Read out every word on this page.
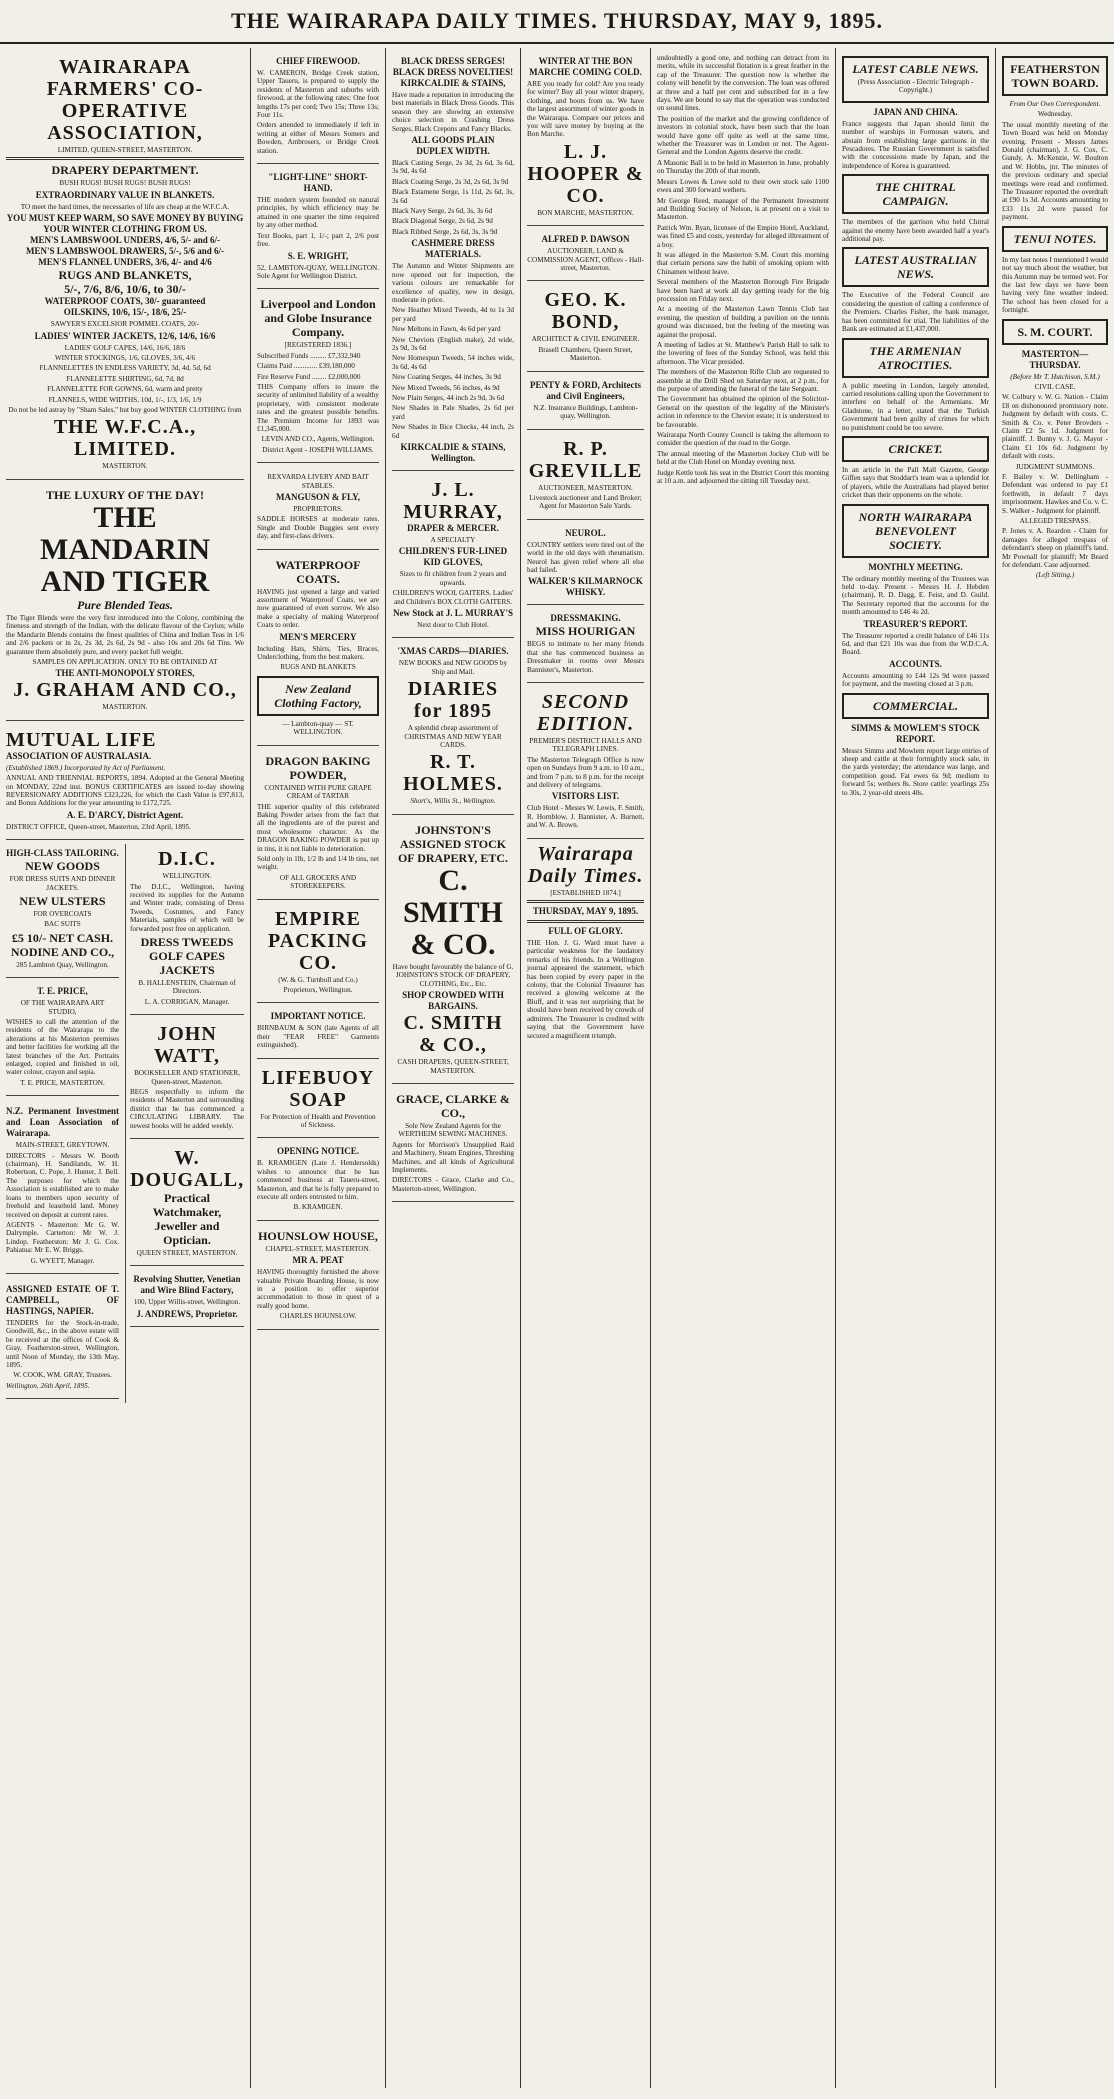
THE WAIRARAPA DAILY TIMES. THURSDAY, MAY 9, 1895.
WAIRARAPA FARMERS' CO-OPERATIVE ASSOCIATION,
LIMITED, QUEEN-STREET, MASTERTON.
DRAPERY DEPARTMENT.
BUSH RUGS! BUSH RUGS! BUSH RUGS!
EXTRAORDINARY VALUE IN BLANKETS.
TO meet the hard times, the necessaries of life are cheap at the W.F.C.A.
YOU MUST KEEP WARM, SO SAVE MONEY BY BUYING YOUR WINTER CLOTHING FROM US.
MEN'S LAMBSWOOL UNDERS, 4/6, 5/- and 6/-
MEN'S LAMBSWOOL DRAWERS, 5/-, 5/6 and 6/-
MEN'S FLANNEL UNDERS, 3/6, 4/- and 4/6
RUGS AND BLANKETS,
5/-, 7/6, 8/6, 10/6, to 30/-
WATERPROOF COATS, 30/- guaranteed
OILSKINS, 10/6, 15/-, 18/6, 25/-
SAWYER'S EXCELSIOR POMMEL COATS, 20/-
LADIES' WINTER JACKETS, 12/6, 14/6, 16/6
LADIES' GOLF CAPES, 14/6, 16/6, 18/6
WINTER STOCKINGS, 1/6, GLOVES, 3/6, 4/6
FLANNELETTES IN ENDLESS VARIETY, 3d, 4d, 5d, 6d
FLANNELETTE SHIRTING, 6d, 7d, 8d
FLANNELETTE FOR GOWNS, 6d, warm and pretty
FLANNELS, WIDE WIDTHS, 10d, 1/-, 1/3, 1/6, 1/9
Do not be led astray by "Sham Sales," but buy good WINTER CLOTHING from
THE W.F.C.A., LIMITED.
MASTERTON.
THE LUXURY OF THE DAY!
THE MANDARIN AND TIGER
Pure Blended Teas.
The Tiger Blends were the very first introduced into the Colony, combining the fineness and strength of the Indian, with the delicate flavour of the Ceylon; while the Mandarin Blends contains the finest qualities of China and Indian Teas in 1/6 and 2/6 packets or in 2s, 2s 3d, 2s 6d, 2s 9d - also 10s and 20s 6d Tins. We guarantee them absolutely pure, and every packet full weight.
SAMPLES ON APPLICATION. ONLY TO BE OBTAINED AT
THE ANTI-MONOPOLY STORES,
J. GRAHAM AND CO.,
MASTERTON.
MUTUAL LIFE
ASSOCIATION OF AUSTRALASIA.
(Established 1869.) Incorporated by Act of Parliament.
ANNUAL AND TRIENNIAL REPORTS, 1894. Adopted at the General Meeting on MONDAY, 22nd inst. BONUS CERTIFICATES are issued to-day showing REVERSIONARY ADDITIONS £323,226, for which the Cash Value is £97,813, and Bonus Additions for the year amounting to £172,725.
A. E. D'ARCY, District Agent.
DISTRICT OFFICE, Queen-street, Masterton, 23rd April, 1895.
HIGH-CLASS TAILORING.
NEW GOODS
FOR DRESS SUITS AND DINNER JACKETS.
NEW ULSTERS
FOR OVERCOATS
BAC SUITS
£5 10/- NET CASH.
NODINE AND CO.,
285 Lambton Quay, Wellington.
T. E. PRICE,
OF THE WAIRARAPA ART STUDIO,
WISHES to call the attention of the residents of the Wairarapa to the alterations at his Masterton premises and better facilities for working all the latest branches of the Art. Portraits enlarged, copied and finished in oil, water colour, crayon and sepia.
T. E. PRICE, MASTERTON.
N.Z. Permanent Investment and Loan Association of Wairarapa.
MAIN-STREET, GREYTOWN.
DIRECTORS - Messrs W. Booth (chairman), H. Sandilands, W. H. Robertson, C. Pope, J. Hunter, J. Bell. The purposes for which the Association is established are to make loans to members upon security of freehold and leasehold land. Money received on deposit at current rates.
AGENTS - Masterton: Mr G. W. Dalrymple. Carterton: Mr W. J. Lindop. Featherston: Mr J. G. Cox. Pahiatua: Mr E. W. Briggs.
G. WYETT, Manager.
ASSIGNED ESTATE OF T. CAMPBELL, OF HASTINGS, NAPIER.
TENDERS for the Stock-in-trade, Goodwill, &c., in the above estate will be received at the offices of Cook & Gray, Featherston-street, Wellington, until Noon of Monday, the 13th May, 1895.
W. COOK, WM. GRAY, Trustees.
Wellington, 26th April, 1895.
D.I.C.
WELLINGTON.
The D.I.C., Wellington, having received its supplies for the Autumn and Winter trade, consisting of Dress Tweeds, Costumes, and Fancy Materials, samples of which will be forwarded post free on application.
DRESS TWEEDS
GOLF CAPES
JACKETS
B. HALLENSTEIN, Chairman of Directors.
L. A. CORRIGAN, Manager.
JOHN WATT,
BOOKSELLER AND STATIONER, Queen-street, Masterton.
BEGS respectfully to inform the residents of Masterton and surrounding district that he has commenced a CIRCULATING LIBRARY. The newest books will be added weekly.
W. DOUGALL,
Practical Watchmaker, Jeweller and Optician.
QUEEN STREET, MASTERTON.
Revolving Shutter, Venetian and Wire Blind Factory,
100, Upper Willis-street, Wellington.
J. ANDREWS, Proprietor.
CHIEF FIREWOOD.
W. CAMERON, Bridge Creek station, Upper Taueru, is prepared to supply the residents of Masterton and suburbs with firewood, at the following rates: One foot lengths 17s per cord; Two 15s; Three 13s; Four 11s.
Orders attended to immediately if left in writing at either of Messrs Somers and Bowden, Ambrosers, or Bridge Creek station.
"LIGHT-LINE" SHORT-HAND.
THE modern system founded on natural principles, by which efficiency may be attained in one quarter the time required by any other method.
Text Books, part 1, 1/-; part 2, 2/6 post free.
S. E. WRIGHT,
52, LAMBTON-QUAY, WELLINGTON. Sole Agent for Wellington District.
Liverpool and London and Globe Insurance Company.
[REGISTERED 1836.]
Subscribed Funds ......... £7,332,940
Claims Paid ............. £39,180,000
Fire Reserve Fund ........ £2,000,000
THIS Company offers to insure the security of unlimited liability of a wealthy proprietary, with consistent moderate rates and the greatest possible benefits. The Premium Income for 1893 was £1,345,000.
LEVIN AND CO., Agents, Wellington.
District Agent - JOSEPH WILLIAMS.
REXVARDA LIVERY AND BAIT STABLES.
MANGUSON & FLY,
PROPRIETORS.
SADDLE HORSES at moderate rates. Single and Double Buggies sent every day, and first-class drivers.
WATERPROOF COATS.
HAVING just opened a large and varied assortment of Waterproof Coats, we are now guaranteed of even sorrow. We also make a specialty of making Waterproof Coats to order.
MEN'S MERCERY
Including Hats, Shirts, Ties, Braces, Underclothing, from the best makers.
RUGS AND BLANKETS
New Zealand Clothing Factory,
— Lambton-quay — ST. WELLINGTON.
DRAGON BAKING POWDER,
CONTAINED WITH PURE GRAPE CREAM of TARTAR
THE superior quality of this celebrated Baking Powder arises from the fact that all the ingredients are of the purest and most wholesome character. As the DRAGON BAKING POWDER is put up in tins, it is not liable to deterioration.
Sold only in 1lb, 1/2 lb and 1/4 lb tins, net weight.
OF ALL GROCERS AND STOREKEEPERS.
EMPIRE PACKING CO.
(W. & G. Turnbull and Co.)
Proprietors, Wellington.
IMPORTANT NOTICE.
BIRNBAUM & SON (late Agents of all their "FEAR FREE" Garments extinguished).
LIFEBUOY SOAP
For Protection of Health and Prevention of Sickness.
OPENING NOTICE.
B. KRAMIGEN (Late J. Hendersolds) wishes to announce that he has commenced business at Taueru-street, Masterton, and that he is fully prepared to execute all orders entrusted to him.
B. KRAMIGEN.
HOUNSLOW HOUSE,
CHAPEL-STREET, MASTERTON.
MR A. PEAT
HAVING thoroughly furnished the above valuable Private Boarding House, is now in a position to offer superior accommodation to those in quest of a really good home.
CHARLES HOUNSLOW.
BLACK DRESS SERGES! BLACK DRESS NOVELTIES! KIRKCALDIE & STAINS,
Have made a reputation in introducing the best materials in Black Dress Goods. This season they are showing an extensive choice selection in Crashing Dress Serges, Black Crepons and Fancy Blacks.
ALL GOODS PLAIN DUPLEX WIDTH.
Black Casting Serge, 2s 3d, 2s 6d, 3s 6d, 3s 9d, 4s 6d
Black Coating Serge, 2s 3d, 2s 6d, 3s 9d
Black Estamene Serge, 1s 11d, 2s 6d, 3s, 3s 6d
Black Navy Serge, 2s 6d, 3s, 3s 6d
Black Diagonal Serge, 2s 6d, 2s 9d
Black Ribbed Serge, 2s 6d, 3s, 3s 9d
CASHMERE DRESS MATERIALS.
The Autumn and Winter Shipments are now opened out for inspection, the various colours are remarkable for excellence of quality, new in design, moderate in price.
New Heather Mixed Tweeds, 4d to 1s 3d per yard
New Meltons in Fawn, 4s 6d per yard
New Cheviots (English make), 2d wide, 2s 9d, 3s 6d
New Homespun Tweeds, 54 inches wide, 3s 6d, 4s 6d
New Coating Serges, 44 inches, 3s 9d
New Mixed Tweeds, 56 inches, 4s 9d
New Plain Serges, 44 inch 2s 9d, 3s 6d
New Shades in Pale Shades, 2s 6d per yard
New Shades in Bice Checks, 44 inch, 2s 6d
KIRKCALDIE & STAINS, Wellington.
J. L. MURRAY,
DRAPER & MERCER.
A SPECIALTY
CHILDREN'S FUR-LINED KID GLOVES,
Sizes to fit children from 2 years and upwards.
CHILDREN'S WOOL GAITERS. Ladies' and Children's BOX CLOTH GAITERS.
New Stock at J. L. MURRAY'S
Next door to Club Hotel.
'XMAS CARDS—DIARIES.
NEW BOOKS and NEW GOODS by Ship and Mail.
DIARIES for 1895
A splendid cheap assortment of CHRISTMAS AND NEW YEAR CARDS.
R. T. HOLMES.
Short's, Willis St., Wellington.
JOHNSTON'S ASSIGNED STOCK OF DRAPERY, ETC.
C. SMITH & CO.
Have bought favourably the balance of G. JOHNSTON'S STOCK OF DRAPERY, CLOTHING, Etc., Etc.
SHOP CROWDED WITH BARGAINS.
C. SMITH & CO.,
CASH DRAPERS, QUEEN-STREET, MASTERTON.
GRACE, CLARKE & CO.,
Sole New Zealand Agents for the WERTHEIM SEWING MACHINES.
Agents for Morrison's Unsupplied Raid and Machinery, Steam Engines, Threshing Machines, and all kinds of Agricultural Implements.
DIRECTORS - Grace, Clarke and Co., Masterton-street, Wellington.
WINTER AT THE BON MARCHE COMING COLD.
ARE you ready for cold? Are you ready for winter? Buy all your winter drapery, clothing, and boots from us. We have the largest assortment of winter goods in the Wairarapa. Compare our prices and you will save money by buying at the Bon Marche.
L. J. HOOPER & CO.
BON MARCHE, MASTERTON.
ALFRED P. DAWSON
AUCTIONEER, LAND & COMMISSION AGENT, Offices - Hall-street, Masterton.
GEO. K. BOND,
ARCHITECT & CIVIL ENGINEER.
Brasell Chambers, Queen Street, Masterton.
PENTY & FORD, Architects and Civil Engineers,
N.Z. Insurance Buildings, Lambton-quay, Wellington.
R. P. GREVILLE
AUCTIONEER, MASTERTON.
Livestock auctioneer and Land Broker; Agent for Masterton Sale Yards.
NEUROL.
COUNTRY settlers were tired out of the world in the old days with rheumatism. Neurol has given relief where all else had failed.
WALKER'S KILMARNOCK WHISKY.
DRESSMAKING.
MISS HOURIGAN
BEGS to intimate to her many friends that she has commenced business as Dressmaker in rooms over Messrs Bannister's, Masterton.
SECOND EDITION.
PREMIER'S DISTRICT HALLS AND TELEGRAPH LINES.
The Masterton Telegraph Office is now open on Sundays from 9 a.m. to 10 a.m., and from 7 p.m. to 8 p.m. for the receipt and delivery of telegrams.
VISITORS LIST.
Club Hotel - Messrs W. Lewis, F. Smith, R. Hornblow, J. Bannister, A. Burnett, and W. A. Brown.
Wairarapa Daily Times.
[ESTABLISHED 1874.]
THURSDAY, MAY 9, 1895.
FULL OF GLORY.
THE Hon. J. G. Ward must have a particular weakness for the laudatory remarks of his friends. In a Wellington journal appeared the statement, which has been copied by every paper in the colony, that the Colonial Treasurer has received a glowing welcome at the Bluff, and it was not surprising that he should have been received by crowds of admirers. The Treasurer is credited with saying that the Government have secured a magnificent triumph.
undoubtedly a good one, and nothing can detract from its merits, while its successful flotation is a great feather in the cap of the Treasurer. The question now is whether the colony will benefit by the conversion. The loan was offered at three and a half per cent and subscribed for in a few days. We are bound to say that the operation was conducted on sound lines.
The position of the market and the growing confidence of investors in colonial stock, have been such that the loan would have gone off quite as well at the same time, whether the Treasurer was in London or not. The Agent-General and the London Agents deserve the credit.
A Masonic Ball is to be held in Masterton in June, probably on Thursday the 20th of that month.
Messrs Lowes & Lowe sold to their own stock sale 1100 ewes and 300 forward wethers.
Mr George Reed, manager of the Permanent Investment and Building Society of Nelson, is at present on a visit to Masterton.
Patrick Wm. Ryan, licensee of the Empire Hotel, Auckland, was fined £5 and costs, yesterday for alleged illtreatment of a boy.
It was alleged in the Masterton S.M. Court this morning that certain persons saw the habit of smoking opium with Chinamen without leave.
Several members of the Masterton Borough Fire Brigade have been hard at work all day getting ready for the big procession on Friday next.
At a meeting of the Masterton Lawn Tennis Club last evening, the question of building a pavilion on the tennis ground was discussed, but the feeling of the meeting was against the proposal.
A meeting of ladies at St. Matthew's Parish Hall to talk to the lowering of fees of the Sunday School, was held this afternoon. The Vicar presided.
The members of the Masterton Rifle Club are requested to assemble at the Drill Shed on Saturday next, at 2 p.m., for the purpose of attending the funeral of the late Sergeant.
The Government has obtained the opinion of the Solicitor-General on the question of the legality of the Minister's action in reference to the Cheviot estate; it is understood to be favourable.
Wairarapa North County Council is taking the afternoon to consider the question of the road to the Gorge.
The annual meeting of the Masterton Jockey Club will be held at the Club Hotel on Monday evening next.
Judge Kettle took his seat in the District Court this morning at 10 a.m. and adjourned the sitting till Tuesday next.
LATEST CABLE NEWS.
(Press Association - Electric Telegraph - Copyright.)
JAPAN AND CHINA.
France suggests that Japan should limit the number of warships in Formosan waters, and abstain from establishing large garrisons in the Pescadores. The Russian Government is satisfied with the concessions made by Japan, and the independence of Korea is guaranteed.
THE CHITRAL CAMPAIGN.
The members of the garrison who held Chitral against the enemy have been awarded half a year's additional pay.
LATEST AUSTRALIAN NEWS.
The Executive of the Federal Council are considering the question of calling a conference of the Premiers. Charles Fisher, the bank manager, has been committed for trial. The liabilities of the Bank are estimated at £1,437,000.
THE ARMENIAN ATROCITIES.
A public meeting in London, largely attended, carried resolutions calling upon the Government to interfere on behalf of the Armenians. Mr Gladstone, in a letter, stated that the Turkish Government had been guilty of crimes for which no punishment could be too severe.
CRICKET.
In an article in the Pall Mall Gazette, George Giffen says that Stoddart's team was a splendid lot of players, while the Australians had played better cricket than their opponents on the whole.
NORTH WAIRARAPA BENEVOLENT SOCIETY.
MONTHLY MEETING.
The ordinary monthly meeting of the Trustees was held to-day. Present - Messrs H. J. Hebden (chairman), R. D. Dagg, E. Feist, and D. Guild. The Secretary reported that the accounts for the month amounted to £46 4s 2d.
TREASURER'S REPORT.
The Treasurer reported a credit balance of £46 11s 6d, and that £21 10s was due from the W.D.C.A. Board.
ACCOUNTS.
Accounts amounting to £44 12s 9d were passed for payment, and the meeting closed at 3 p.m.
COMMERCIAL.
SIMMS & MOWLEM'S STOCK REPORT.
Messrs Simms and Mowlem report large entries of sheep and cattle at their fortnightly stock sale, in the yards yesterday; the attendance was large, and competition good. Fat ewes 6s 9d; medium to forward 5s; wethers 8s. Store cattle: yearlings 25s to 30s, 2 year-old steers 40s.
FEATHERSTON TOWN BOARD.
From Our Own Correspondent.
Wednesday.
The usual monthly meeting of the Town Board was held on Monday evening. Present - Messrs James Donald (chairman), J. G. Cox, C. Gundy, A. McKenzie, W. Boulton and W. Hobbs, jnr. The minutes of the previous ordinary and special meetings were read and confirmed. The Treasurer reported the overdraft at £90 1s 3d. Accounts amounting to £33 11s 2d were passed for payment.
TENUI NOTES.
In my last notes I mentioned I would not say much about the weather, but this Autumn may be termed wet. For the last few days we have been having very fine weather indeed. The school has been closed for a fortnight.
S. M. COURT.
MASTERTON—THURSDAY.
(Before Mr T. Hutchison, S.M.)
CIVIL CASE.
W. Colbury v. W. G. Nation - Claim £8 on dishonoured promissory note. Judgment by default with costs. C. Smith & Co. v. Peter Brovders - Claim £2 5s 1d. Judgment for plaintiff. J. Bunny v. J. G. Mayor - Claim £1 10s 6d. Judgment by default with costs.
JUDGMENT SUMMONS.
F. Bailey v. W. Dellingham - Defendant was ordered to pay £1 forthwith, in default 7 days imprisonment. Hawkes and Co. v. C. S. Walker - Judgment for plaintiff.
ALLEGED TRESPASS.
P. Jones v. A. Reardon - Claim for damages for alleged trespass of defendant's sheep on plaintiff's land. Mr Pownall for plaintiff; Mr Beard for defendant. Case adjourned.
(Left Sitting.)
